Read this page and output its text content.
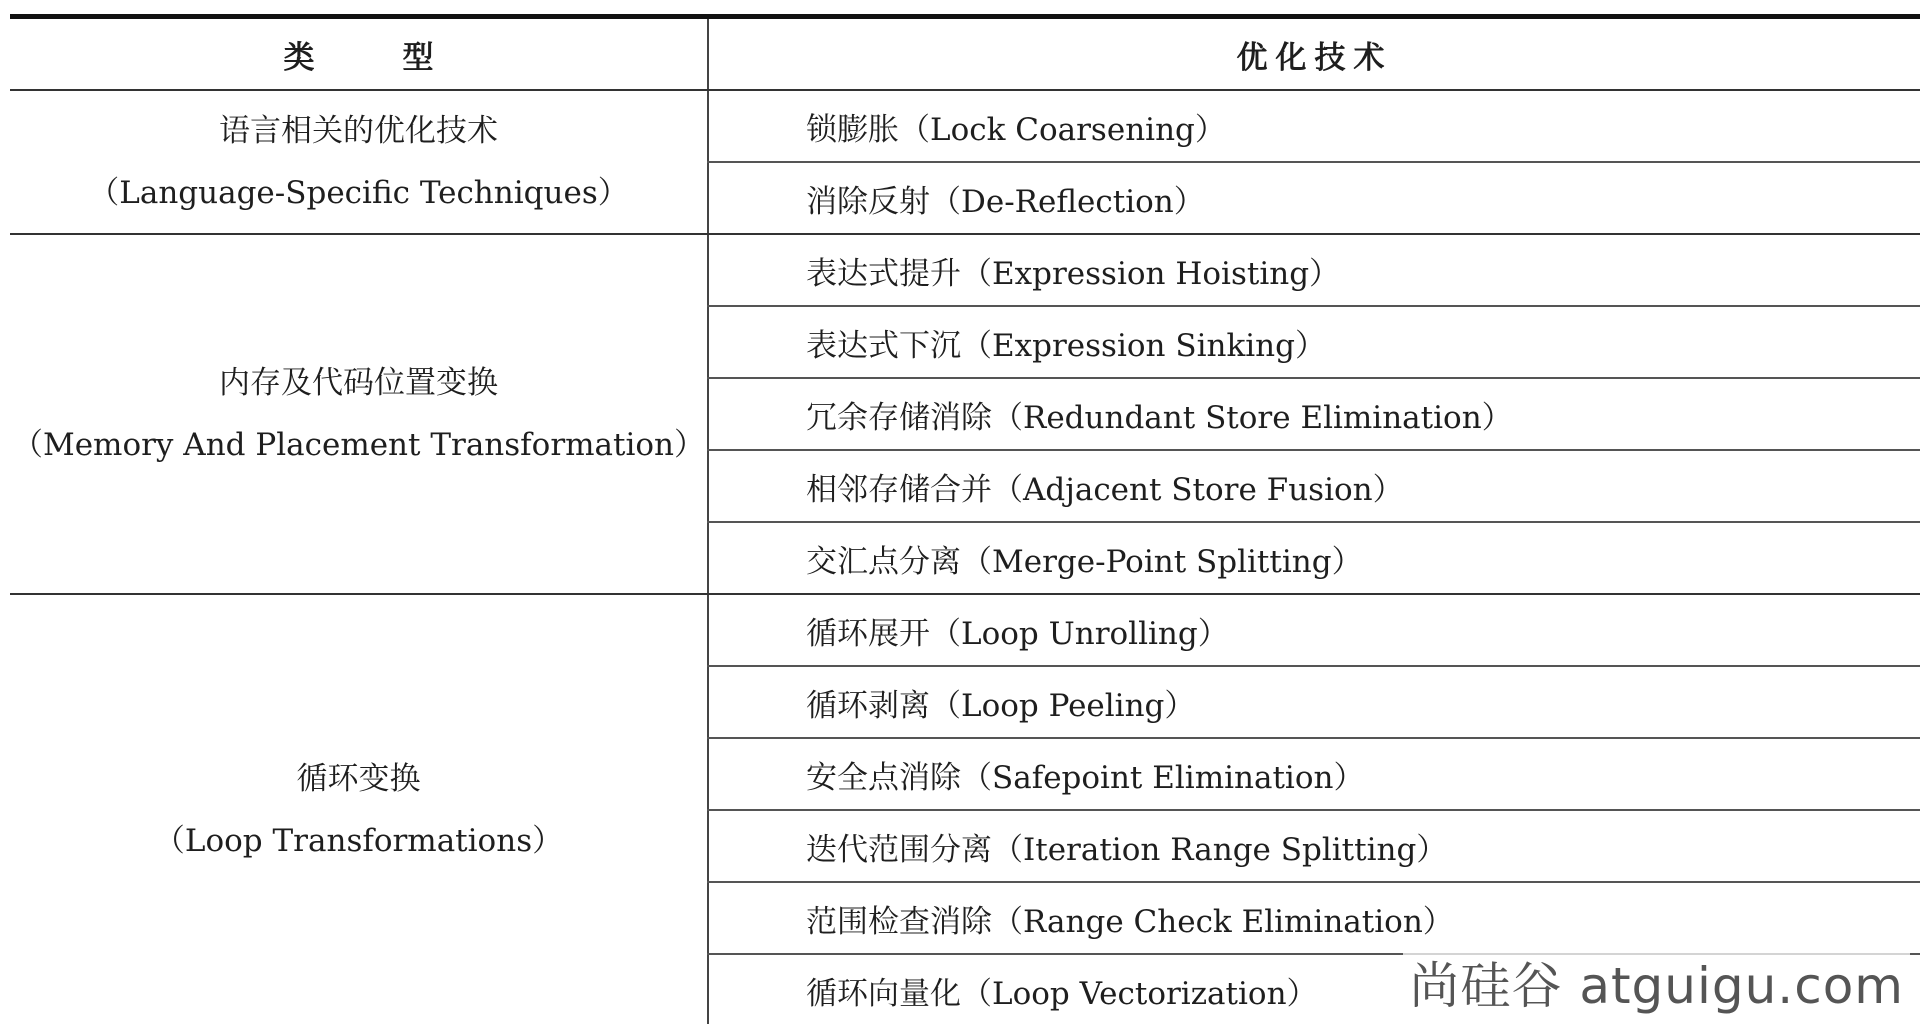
类 型	优化技术

语言相关的优化技术
（Language-Specific Techniques）	锁膨胀（Lock Coarsening）
	消除反射（De-Reflection）

内存及代码位置变换
（Memory And Placement Transformation）	表达式提升（Expression Hoisting）
	表达式下沉（Expression Sinking）
	冗余存储消除（Redundant Store Elimination）
	相邻存储合并（Adjacent Store Fusion）
	交汇点分离（Merge-Point Splitting）

循环变换
（Loop Transformations）	循环展开（Loop Unrolling）
	循环剥离（Loop Peeling）
	安全点消除（Safepoint Elimination）
	迭代范围分离（Iteration Range Splitting）
	范围检查消除（Range Check Elimination）
	循环向量化（Loop Vectorization） 尚硅谷 atguigu.com
